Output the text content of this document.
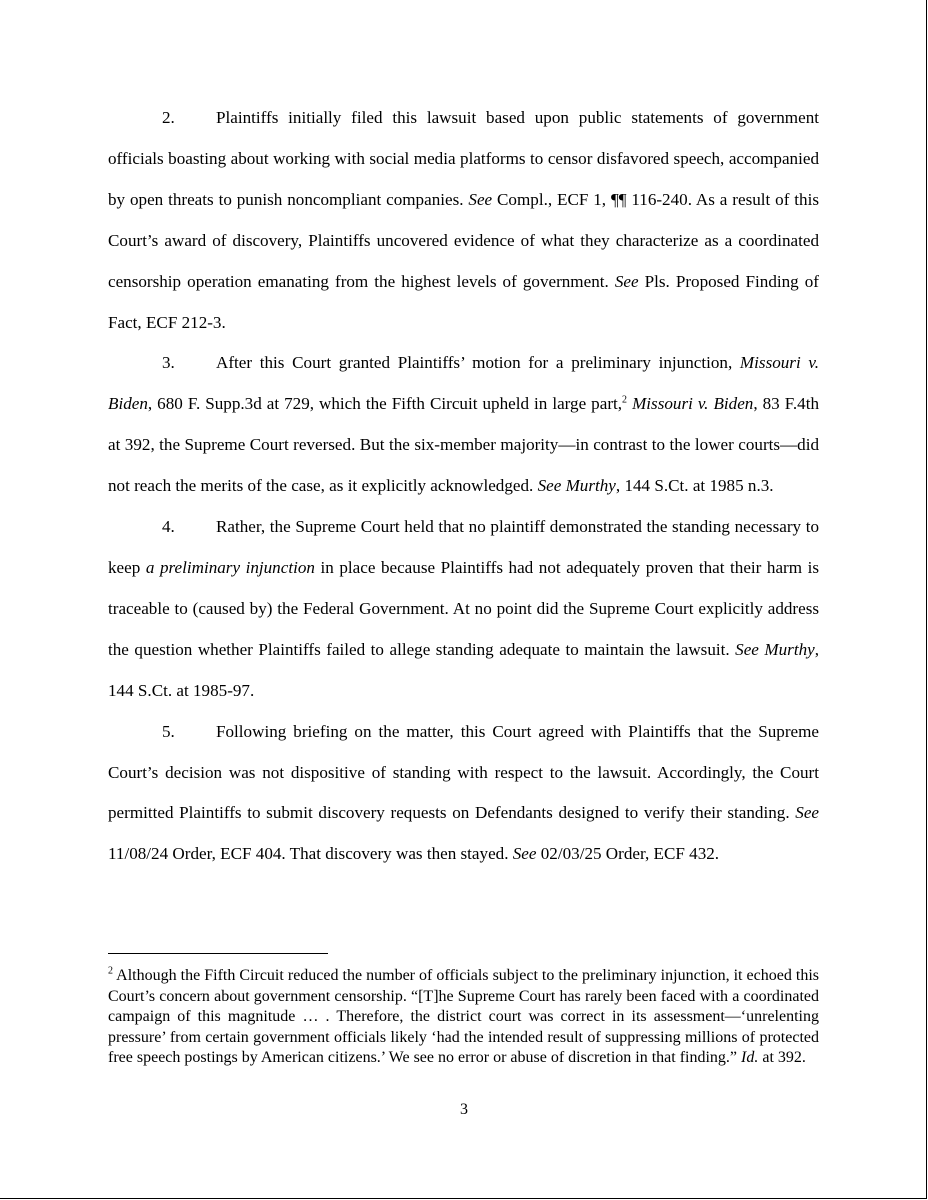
2. Plaintiffs initially filed this lawsuit based upon public statements of government officials boasting about working with social media platforms to censor disfavored speech, accompanied by open threats to punish noncompliant companies. See Compl., ECF 1, ¶¶ 116-240. As a result of this Court’s award of discovery, Plaintiffs uncovered evidence of what they characterize as a coordinated censorship operation emanating from the highest levels of government. See Pls. Proposed Finding of Fact, ECF 212-3.

3. After this Court granted Plaintiffs’ motion for a preliminary injunction, Missouri v. Biden, 680 F. Supp.3d at 729, which the Fifth Circuit upheld in large part,$^2$ Missouri v. Biden, 83 F.4th at 392, the Supreme Court reversed. But the six-member majority—in contrast to the lower courts—did not reach the merits of the case, as it explicitly acknowledged. See Murthy, 144 S.Ct. at 1985 n.3.

4. Rather, the Supreme Court held that no plaintiff demonstrated the standing necessary to keep a preliminary injunction in place because Plaintiffs had not adequately proven that their harm is traceable to (caused by) the Federal Government. At no point did the Supreme Court explicitly address the question whether Plaintiffs failed to allege standing adequate to maintain the lawsuit. See Murthy, 144 S.Ct. at 1985-97.

5. Following briefing on the matter, this Court agreed with Plaintiffs that the Supreme Court’s decision was not dispositive of standing with respect to the lawsuit. Accordingly, the Court permitted Plaintiffs to submit discovery requests on Defendants designed to verify their standing. See 11/08/24 Order, ECF 404. That discovery was then stayed. See 02/03/25 Order, ECF 432.

$^2$ Although the Fifth Circuit reduced the number of officials subject to the preliminary injunction, it echoed this Court’s concern about government censorship. “[T]he Supreme Court has rarely been faced with a coordinated campaign of this magnitude … . Therefore, the district court was correct in its assessment—‘unrelenting pressure’ from certain government officials likely ‘had the intended result of suppressing millions of protected free speech postings by American citizens.’ We see no error or abuse of discretion in that finding.” Id. at 392.

3
